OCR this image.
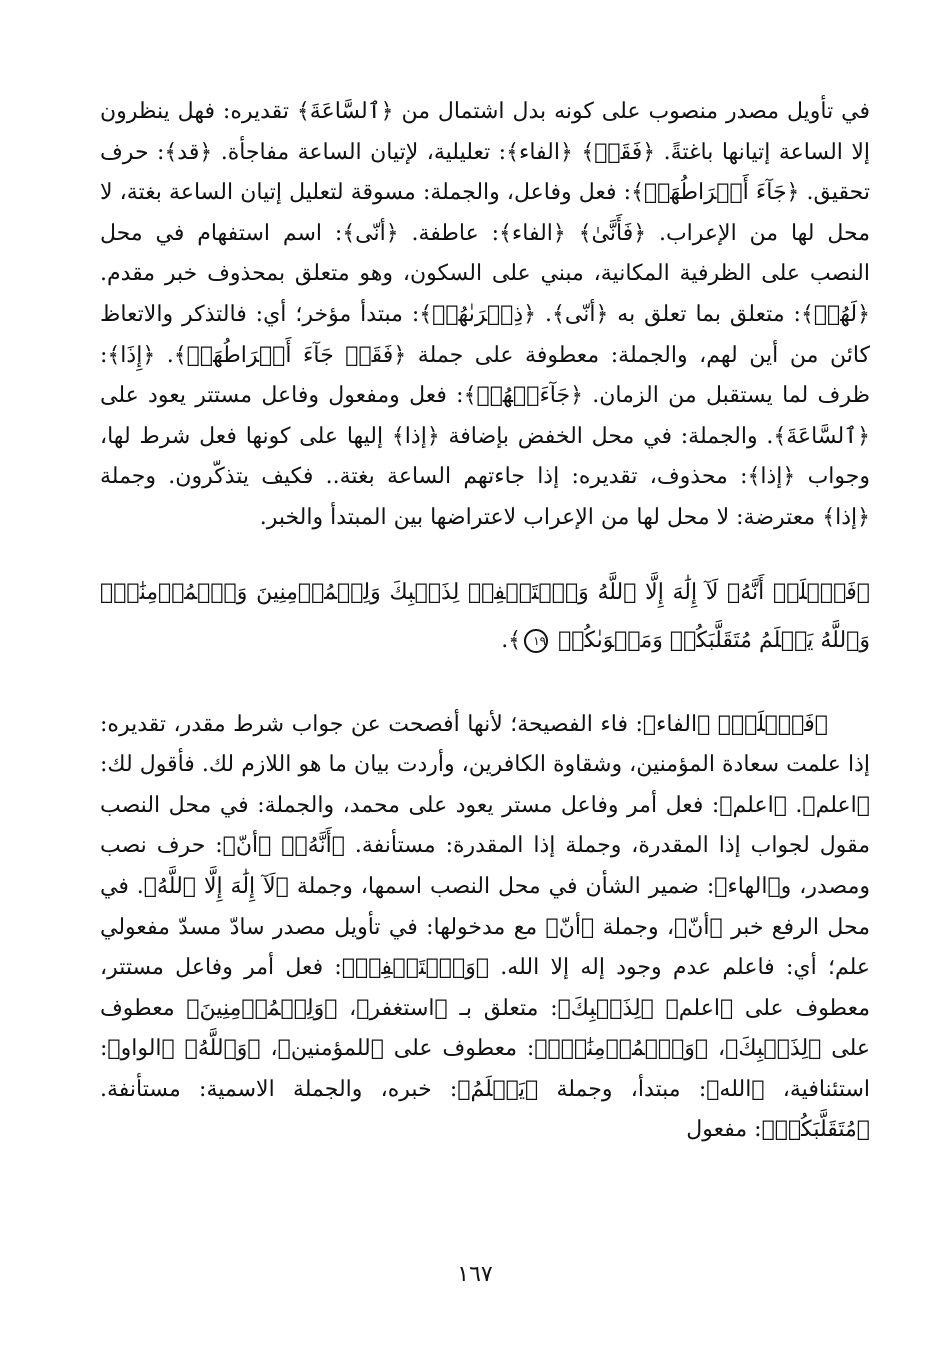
في تأويل مصدر منصوب على كونه بدل اشتمال من ﴿ٱلسَّاعَةَ﴾ تقديره: فهل ينظرون إلا الساعة إتيانها باغتةً. ﴿فَقَدۡ﴾ ﴿الفاء﴾: تعليلية، لإتيان الساعة مفاجأة. ﴿قد﴾: حرف تحقيق. ﴿جَآءَ أَشۡرَاطُهَاۚ﴾: فعل وفاعل، والجملة: مسوقة لتعليل إتيان الساعة بغتة، لا محل لها من الإعراب. ﴿فَأَنَّىٰ﴾ ﴿الفاء﴾: عاطفة. ﴿أنّى﴾: اسم استفهام في محل النصب على الظرفية المكانية، مبني على السكون، وهو متعلق بمحذوف خبر مقدم. ﴿لَهُمۡ﴾: متعلق بما تعلق به ﴿أنّى﴾. ﴿ذِكۡرَىٰهُمۡ﴾: مبتدأ مؤخر؛ أي: فالتذكر والاتعاظ كائن من أين لهم، والجملة: معطوفة على جملة ﴿فَقَدۡ جَآءَ أَشۡرَاطُهَاۚ﴾. ﴿إِذَا﴾: ظرف لما يستقبل من الزمان. ﴿جَآءَتۡهُمۡ﴾: فعل ومفعول وفاعل مستتر يعود على ﴿ٱلسَّاعَةَ﴾. والجملة: في محل الخفض بإضافة ﴿إذا﴾ إليها على كونها فعل شرط لها، وجواب ﴿إذا﴾: محذوف، تقديره: إذا جاءتهم الساعة بغتة.. فكيف يتذكّرون. وجملة ﴿إذا﴾ معترضة: لا محل لها من الإعراب لاعتراضها بين المبتدأ والخبر.

﴿فَٱعۡلَمۡ أَنَّهُۥ لَآ إِلَٰهَ إِلَّا ٱللَّهُ وَٱسۡتَغۡفِرۡ لِذَنۢبِكَ وَلِلۡمُؤۡمِنِينَ وَٱلۡمُؤۡمِنَٰتِۗ وَٱللَّهُ يَعۡلَمُ مُتَقَلَّبَكُمۡ وَمَثۡوَىٰكُمۡ ١٩﴾.

﴿فَٱعۡلَمۡ﴾ ﴿الفاء﴾: فاء الفصيحة؛ لأنها أفصحت عن جواب شرط مقدر، تقديره: إذا علمت سعادة المؤمنين، وشقاوة الكافرين، وأردت بيان ما هو اللازم لك. فأقول لك: ﴿اعلم﴾. ﴿اعلم﴾: فعل أمر وفاعل مستر يعود على محمد، والجملة: في محل النصب مقول لجواب إذا المقدرة، وجملة إذا المقدرة: مستأنفة. ﴿أَنَّهُۥ﴾ ﴿أنّ﴾: حرف نصب ومصدر، و﴿الهاء﴾: ضمير الشأن في محل النصب اسمها، وجملة ﴿لَآ إِلَٰهَ إِلَّا ٱللَّهُ﴾. في محل الرفع خبر ﴿أنّ﴾، وجملة ﴿أنّ﴾ مع مدخولها: في تأويل مصدر سادّ مسدّ مفعولي علم؛ أي: فاعلم عدم وجود إله إلا الله. ﴿وَٱسۡتَغۡفِرۡ﴾: فعل أمر وفاعل مستتر، معطوف على ﴿اعلم﴾ ﴿لِذَنۢبِكَ﴾: متعلق بـ ﴿استغفر﴾، ﴿وَلِلۡمُؤۡمِنِينَ﴾ معطوف على ﴿لِذَنۢبِكَ﴾، ﴿وَٱلۡمُؤۡمِنَٰتِۗ﴾: معطوف على ﴿للمؤمنين﴾، ﴿وَٱللَّهُ﴾ ﴿الواو﴾: استئنافية، ﴿الله﴾: مبتدأ، وجملة ﴿يَعۡلَمُ﴾: خبره، والجملة الاسمية: مستأنفة. ﴿مُتَقَلَّبَكُمۡ﴾: مفعول

١٦٧
